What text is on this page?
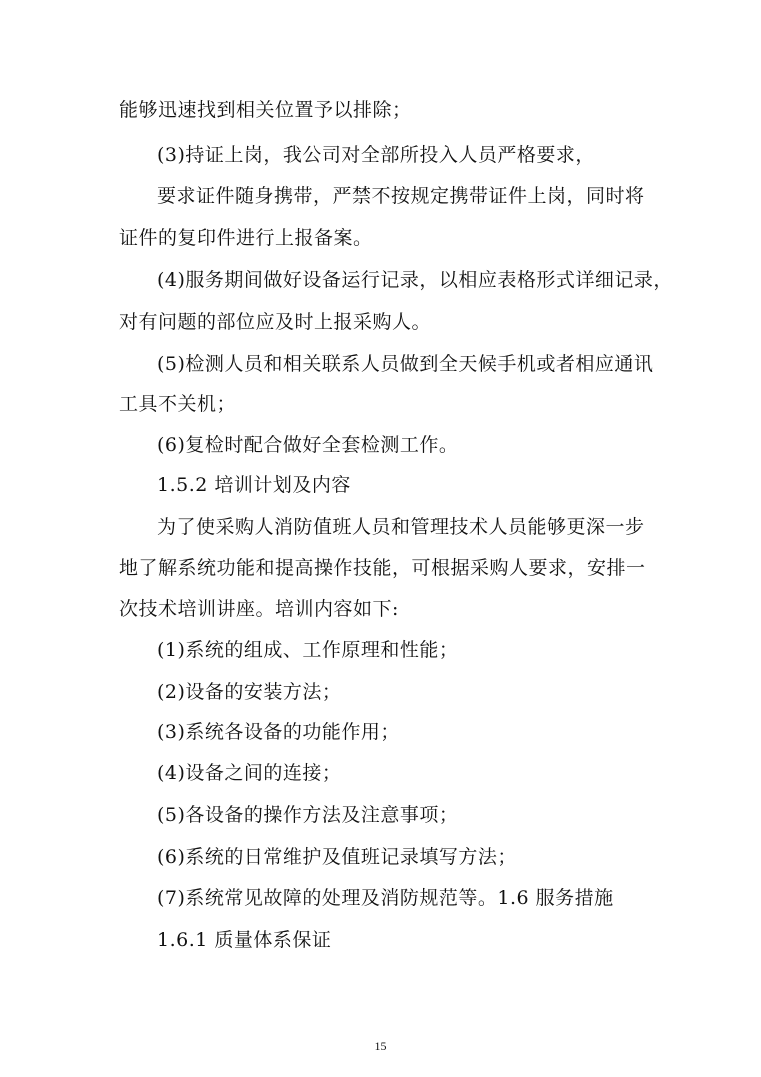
能够迅速找到相关位置予以排除；

(3)持证上岗，我公司对全部所投入人员严格要求，

要求证件随身携带，严禁不按规定携带证件上岗，同时将

证件的复印件进行上报备案。

(4)服务期间做好设备运行记录，以相应表格形式详细记录，

对有问题的部位应及时上报采购人。

(5)检测人员和相关联系人员做到全天候手机或者相应通讯

工具不关机；

(6)复检时配合做好全套检测工作。

1.5.2 培训计划及内容

为了使采购人消防值班人员和管理技术人员能够更深一步

地了解系统功能和提高操作技能，可根据采购人要求，安排一

次技术培训讲座。培训内容如下:

(1)系统的组成、工作原理和性能；

(2)设备的安装方法；

(3)系统各设备的功能作用；

(4)设备之间的连接；

(5)各设备的操作方法及注意事项；

(6)系统的日常维护及值班记录填写方法；

(7)系统常见故障的处理及消防规范等。1.6 服务措施

1.6.1 质量体系保证

15
